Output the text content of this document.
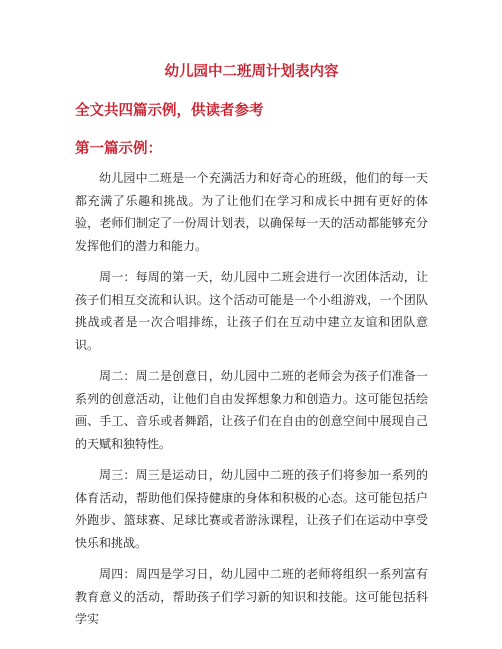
幼儿园中二班周计划表内容
全文共四篇示例，供读者参考
第一篇示例：

幼儿园中二班是一个充满活力和好奇心的班级，他们的每一天都充满了乐趣和挑战。为了让他们在学习和成长中拥有更好的体验，老师们制定了一份周计划表，以确保每一天的活动都能够充分发挥他们的潜力和能力。

周一：每周的第一天，幼儿园中二班会进行一次团体活动，让孩子们相互交流和认识。这个活动可能是一个小组游戏，一个团队挑战或者是一次合唱排练，让孩子们在互动中建立友谊和团队意识。

周二：周二是创意日，幼儿园中二班的老师会为孩子们准备一系列的创意活动，让他们自由发挥想象力和创造力。这可能包括绘画、手工、音乐或者舞蹈，让孩子们在自由的创意空间中展现自己的天赋和独特性。

周三：周三是运动日，幼儿园中二班的孩子们将参加一系列的体育活动，帮助他们保持健康的身体和积极的心态。这可能包括户外跑步、篮球赛、足球比赛或者游泳课程，让孩子们在运动中享受快乐和挑战。

周四：周四是学习日，幼儿园中二班的老师将组织一系列富有教育意义的活动，帮助孩子们学习新的知识和技能。这可能包括科学实
